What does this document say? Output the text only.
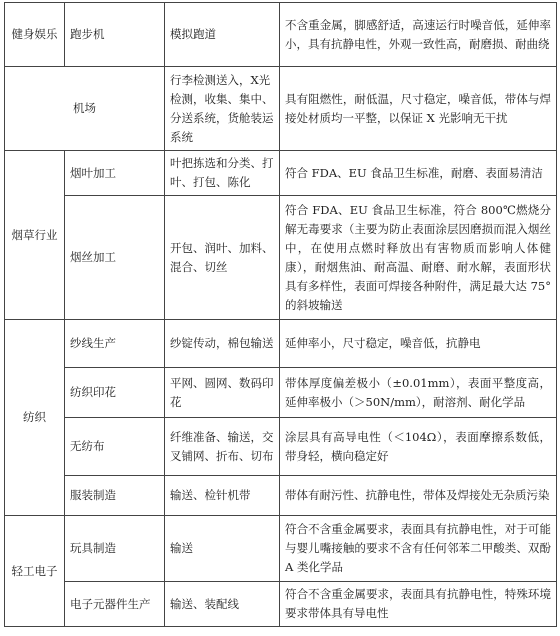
健身娱乐	跑步机	模拟跑道	不含重金属，脚感舒适，高速运行时噪音低，延伸率小，具有抗静电性，外观一致性高，耐磨损、耐曲绕
机场		行李检测送入，X光检测，收集、集中、分送系统，货舱装运系统	具有阻燃性，耐低温，尺寸稳定，噪音低，带体与焊接处材质均一平整，以保证 X 光影响无干扰
烟草行业	烟叶加工	叶把拣选和分类、打叶、打包、陈化	符合 FDA、EU 食品卫生标准，耐磨、表面易清洁
	烟丝加工	开包、润叶、加料、混合、切丝	符合 FDA、EU 食品卫生标准，符合 800℃燃烧分解无毒要求（主要为防止表面涂层因磨损而混入烟丝中，在使用点燃时释放出有害物质而影响人体健康），耐烟焦油、耐高温、耐磨、耐水解，表面形状具有多样性，表面可焊接各种附件，满足最大达 75°的斜坡输送
纺织	纱线生产	纱锭传动，棉包输送	延伸率小，尺寸稳定，噪音低，抗静电
	纺织印花	平网、圆网、数码印花	带体厚度偏差极小（±0.01mm），表面平整度高，延伸率极小（＞50N/mm），耐溶剂、耐化学品
	无纺布	纤维准备、输送，交叉铺网、折布、切布	涂层具有高导电性（＜104Ω），表面摩擦系数低，带身轻，横向稳定好
	服装制造	输送、检针机带	带体有耐污性、抗静电性，带体及焊接处无杂质污染
轻工电子	玩具制造	输送	符合不含重金属要求，表面具有抗静电性，对于可能与婴儿嘴接触的要求不含有任何邻苯二甲酸类、双酚 A 类化学品
	电子元器件生产	输送、装配线	符合不含重金属要求，表面具有抗静电性，特殊环境要求带体具有导电性
